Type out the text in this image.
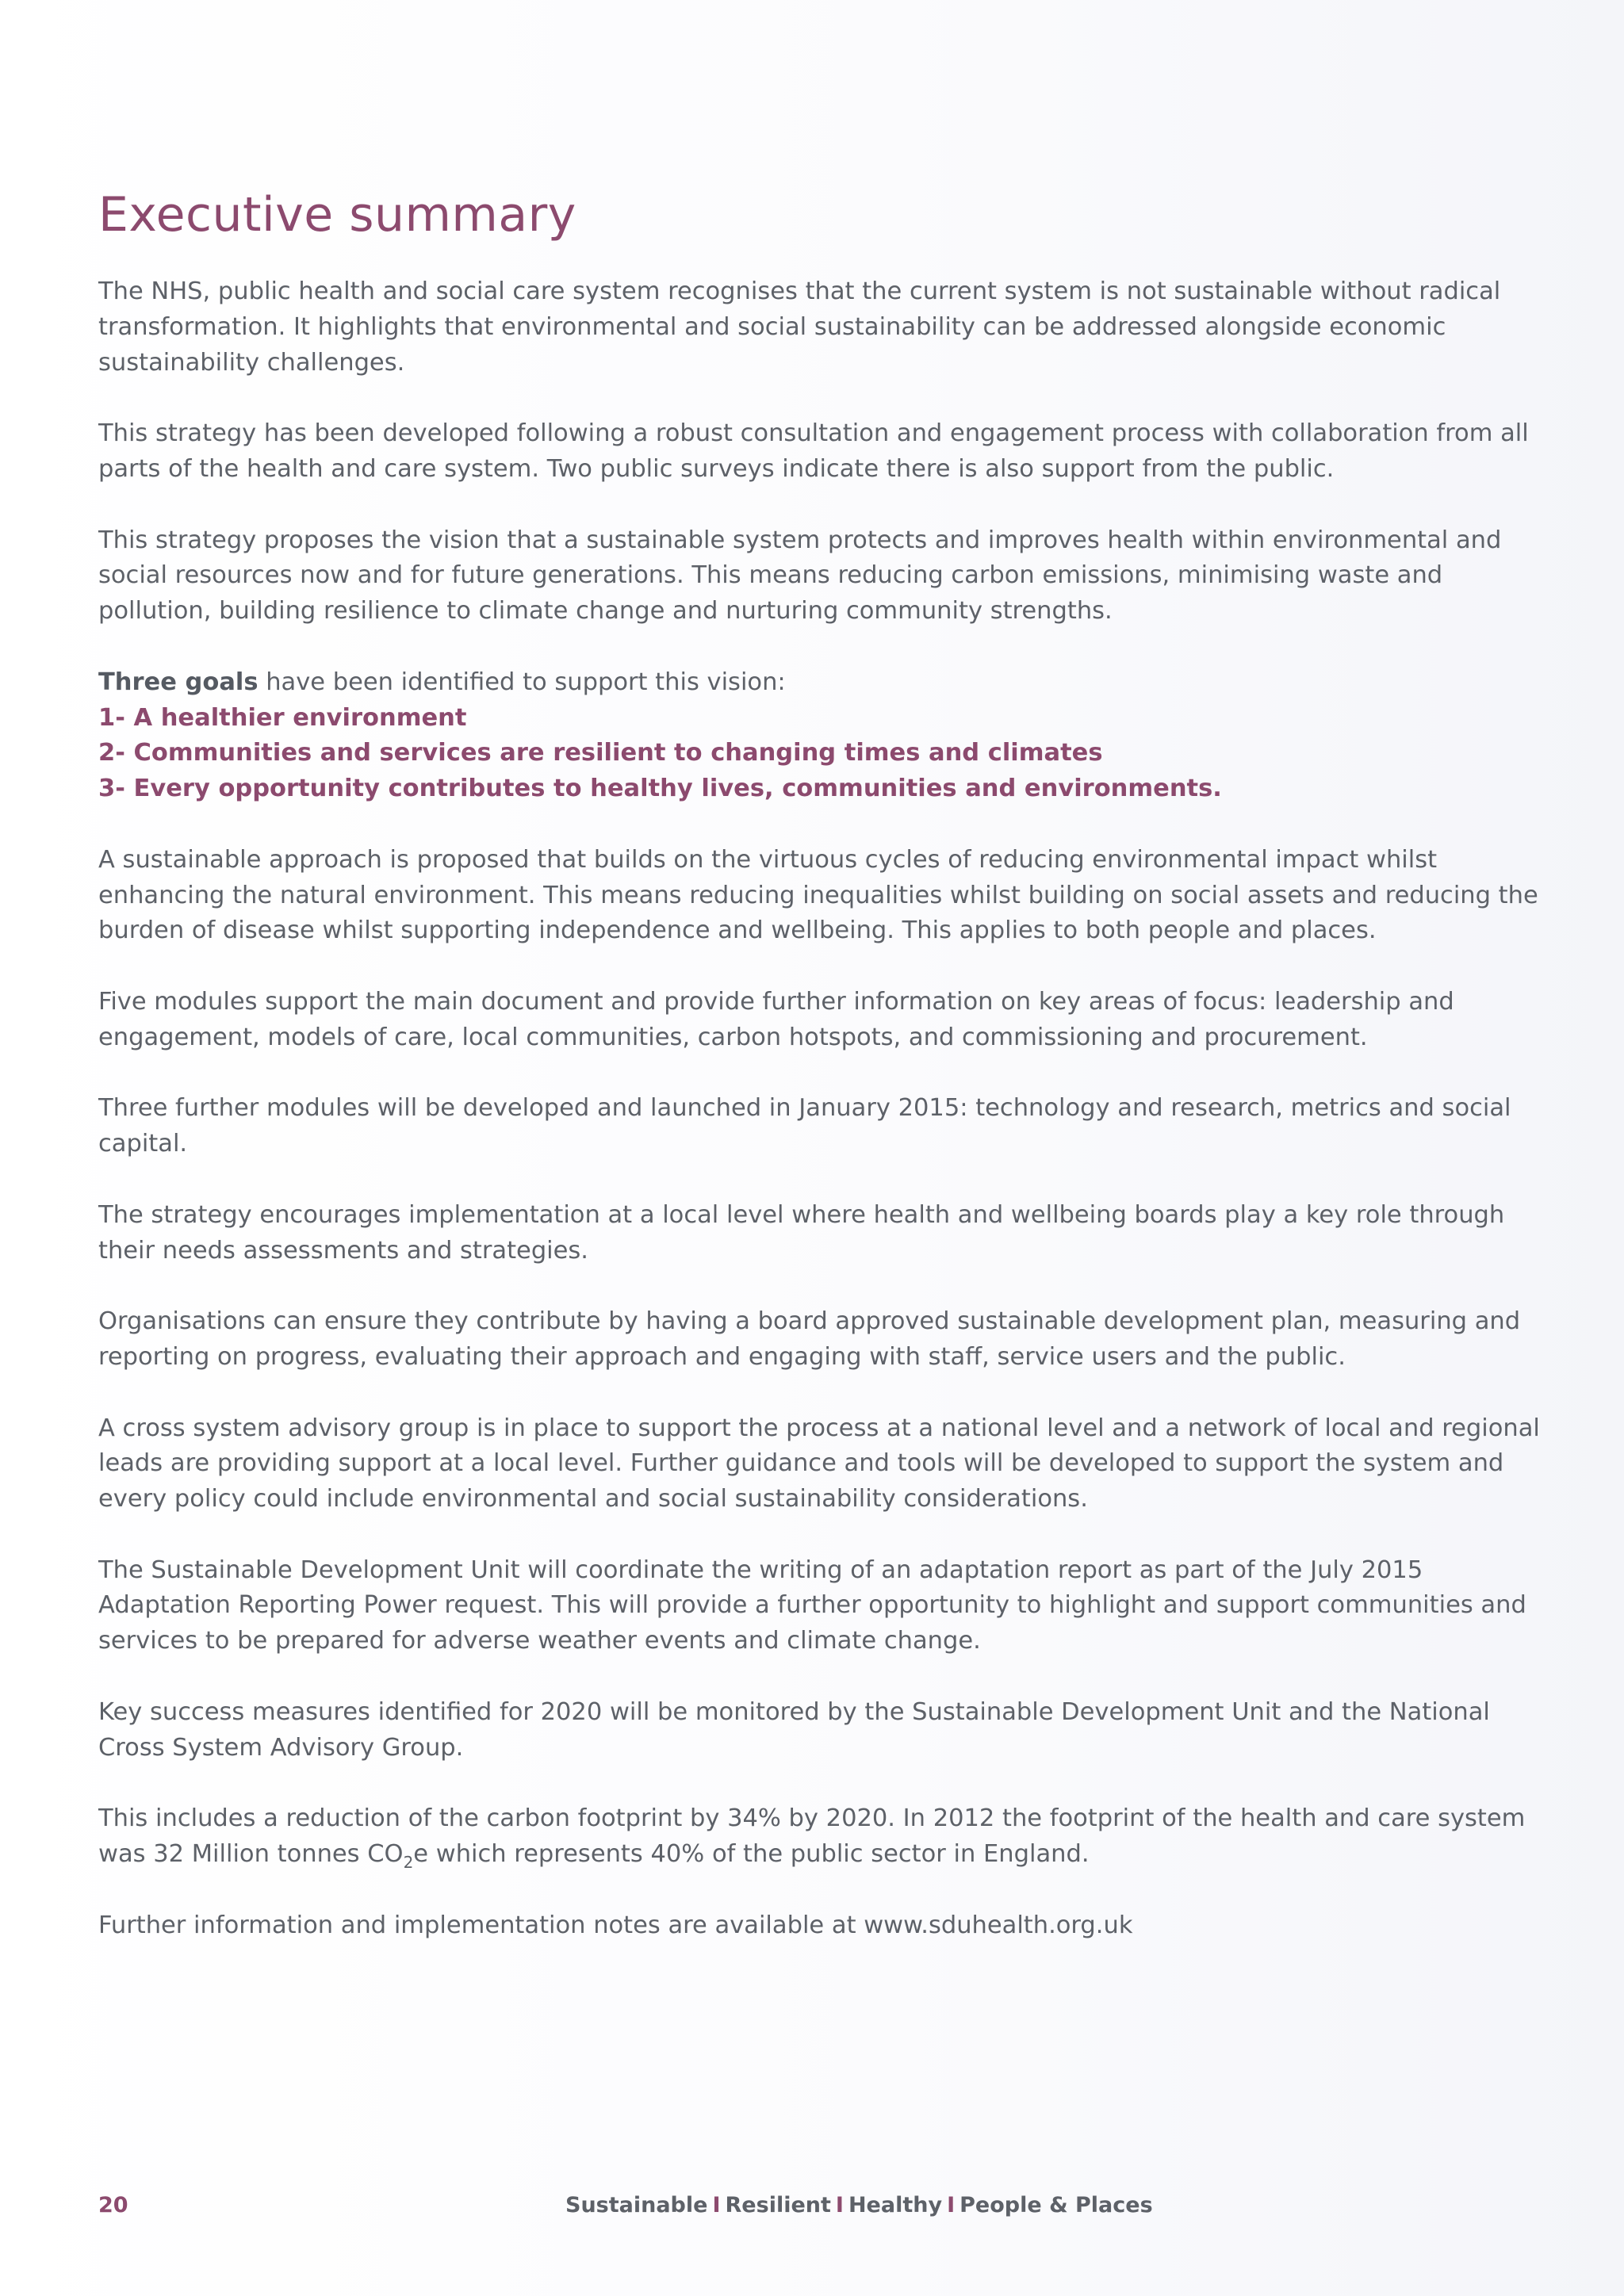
Executive summary

The NHS, public health and social care system recognises that the current system is not sustainable without radical transformation. It highlights that environmental and social sustainability can be addressed alongside economic sustainability challenges.

This strategy has been developed following a robust consultation and engagement process with collaboration from all parts of the health and care system. Two public surveys indicate there is also support from the public.

This strategy proposes the vision that a sustainable system protects and improves health within environmental and social resources now and for future generations. This means reducing carbon emissions, minimising waste and pollution, building resilience to climate change and nurturing community strengths.

Three goals have been identified to support this vision:
1- A healthier environment
2- Communities and services are resilient to changing times and climates
3- Every opportunity contributes to healthy lives, communities and environments.

A sustainable approach is proposed that builds on the virtuous cycles of reducing environmental impact whilst enhancing the natural environment. This means reducing inequalities whilst building on social assets and reducing the burden of disease whilst supporting independence and wellbeing. This applies to both people and places.

Five modules support the main document and provide further information on key areas of focus: leadership and engagement, models of care, local communities, carbon hotspots, and commissioning and procurement.

Three further modules will be developed and launched in January 2015: technology and research, metrics and social capital.

The strategy encourages implementation at a local level where health and wellbeing boards play a key role through their needs assessments and strategies.

Organisations can ensure they contribute by having a board approved sustainable development plan, measuring and reporting on progress, evaluating their approach and engaging with staff, service users and the public.

A cross system advisory group is in place to support the process at a national level and a network of local and regional leads are providing support at a local level. Further guidance and tools will be developed to support the system and every policy could include environmental and social sustainability considerations.

The Sustainable Development Unit will coordinate the writing of an adaptation report as part of the July 2015 Adaptation Reporting Power request. This will provide a further opportunity to highlight and support communities and services to be prepared for adverse weather events and climate change.

Key success measures identified for 2020 will be monitored by the Sustainable Development Unit and the National Cross System Advisory Group.

This includes a reduction of the carbon footprint by 34% by 2020. In 2012 the footprint of the health and care system was 32 Million tonnes $CO_2e$ which represents 40% of the public sector in England.

Further information and implementation notes are available at www.sduhealth.org.uk

20	Sustainable I Resilient I Healthy I People & Places
